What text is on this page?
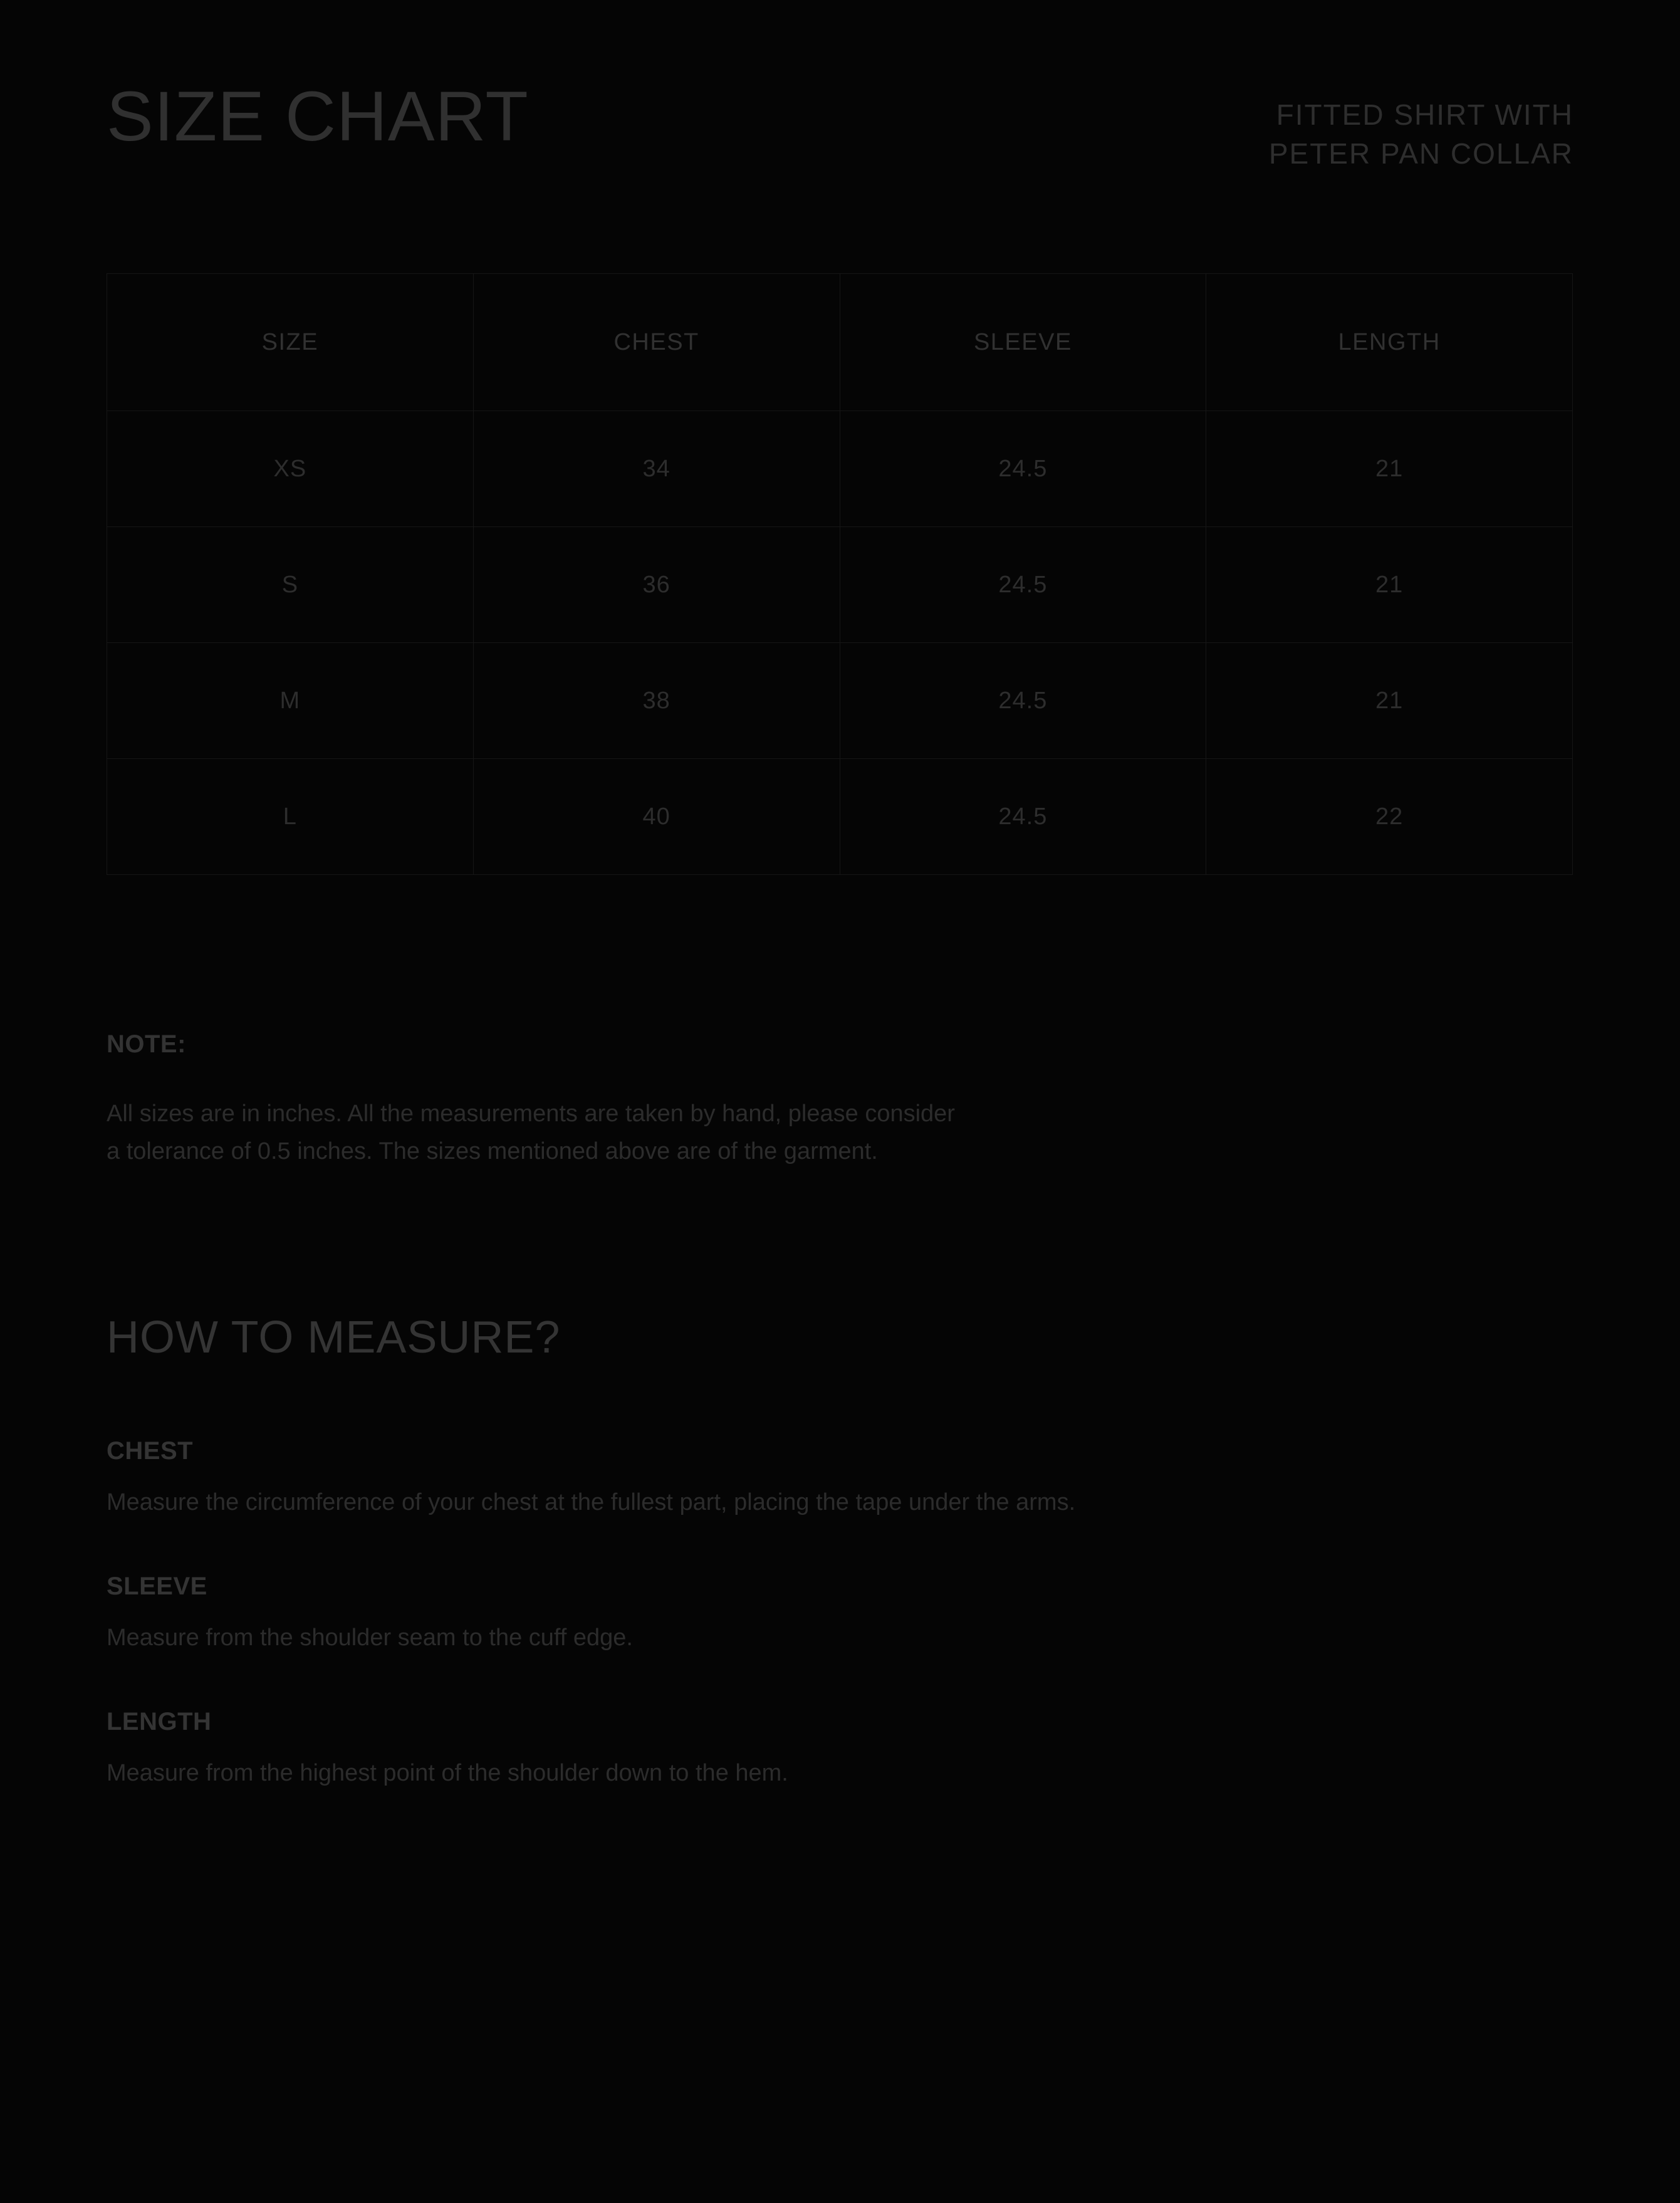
SIZE CHART	FITTED SHIRT WITH
PETER PAN COLLAR
SIZE	CHEST	SLEEVE	LENGTH
XS	34	24.5	21
S	36	24.5	21
M	38	24.5	21
L	40	24.5	22
NOTE:
All sizes are in inches. All the measurements are taken by hand, please consider
a tolerance of 0.5 inches. The sizes mentioned above are of the garment.
HOW TO MEASURE?
CHEST
Measure the circumference of your chest at the fullest part, placing the tape under the arms.
SLEEVE
Measure from the shoulder seam to the cuff edge.
LENGTH
Measure from the highest point of the shoulder down to the hem.
